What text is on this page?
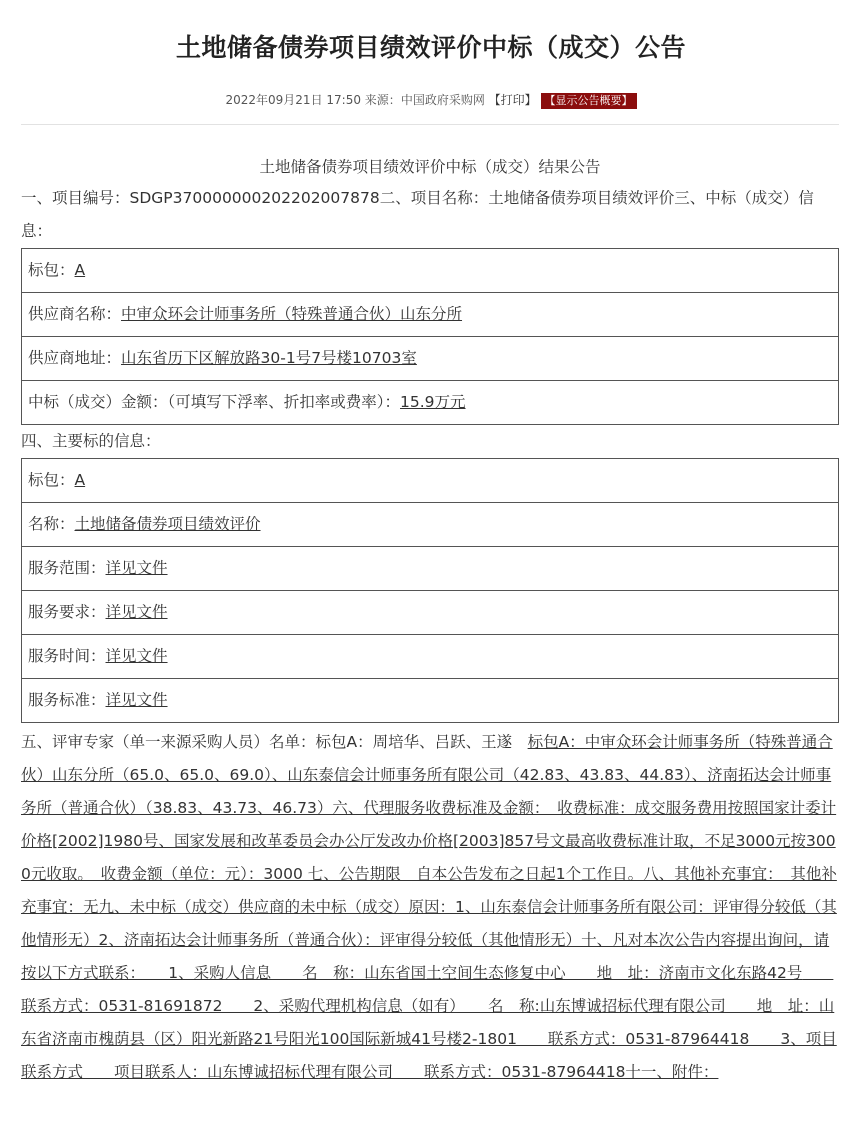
土地储备债券项目绩效评价中标（成交）公告
2022年09月21日 17:50 来源：中国政府采购网 【打印】 【显示公告概要】
土地储备债券项目绩效评价中标（成交）结果公告
一、项目编号：SDGP370000000202202007878二、项目名称：土地储备债券项目绩效评价三、中标（成交）信息：
标包：A
供应商名称：中审众环会计师事务所（特殊普通合伙）山东分所
供应商地址：山东省历下区解放路30-1号7号楼10703室
中标（成交）金额：（可填写下浮率、折扣率或费率）：15.9万元
四、主要标的信息：
标包：A
名称：土地储备债券项目绩效评价
服务范围：详见文件
服务要求：详见文件
服务时间：详见文件
服务标准：详见文件
五、评审专家（单一来源采购人员）名单：标包A：周培华、吕跃、王遂　标包A：中审众环会计师事务所（特殊普通合伙）山东分所（65.0、65.0、69.0）、山东泰信会计师事务所有限公司（42.83、43.83、44.83）、济南拓达会计师事务所（普通合伙）（38.83、43.73、46.73）六、代理服务收费标准及金额：　收费标准：成交服务费用按照国家计委计价格[2002]1980号、国家发展和改革委员会办公厅发改办价格[2003]857号文最高收费标准计取，不足3000元按3000元收取。　收费金额（单位：元）：3000 七、公告期限　自本公告发布之日起1个工作日。八、其他补充事宜：　其他补充事宜：无九、未中标（成交）供应商的未中标（成交）原因：1、山东泰信会计师事务所有限公司：评审得分较低（其他情形无）2、济南拓达会计师事务所（普通合伙）：评审得分较低（其他情形无）十、凡对本次公告内容提出询问，请按以下方式联系：　　1、采购人信息　　名　称：山东省国土空间生态修复中心　　地　址：济南市文化东路42号　　联系方式：0531-81691872　　2、采购代理机构信息（如有）　　名　称:山东博诚招标代理有限公司　　地　址：山东省济南市槐荫县（区）阳光新路21号阳光100国际新城41号楼2-1801　　联系方式：0531-87964418　　3、项目联系方式　　项目联系人：山东博诚招标代理有限公司　　联系方式：0531-87964418十一、附件：
